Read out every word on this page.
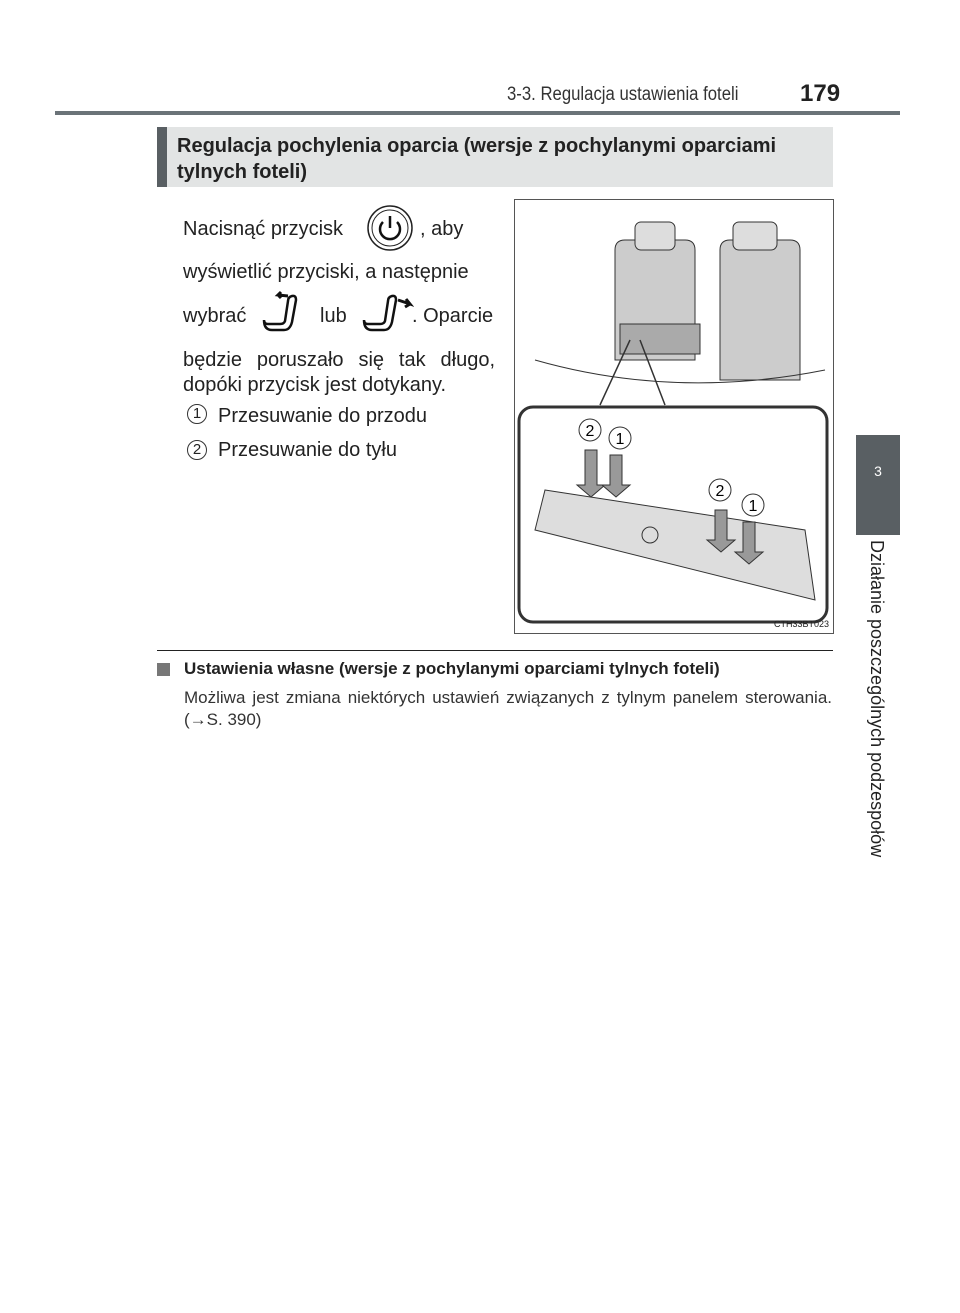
3-3. Regulacja ustawienia foteli	179
Regulacja pochylenia oparcia (wersje z pochylanymi oparciami tylnych foteli)
Nacisnąć przycisk	, aby
wyświetlić przyciski, a następnie
wybrać	lub	. Oparcie
będzie poruszało się tak długo,
dopóki przycisk jest dotykany.
1 Przesuwanie do przodu
2 Przesuwanie do tyłu
2 1
2
1
CTH33BT023
Ustawienia własne (wersje z pochylanymi oparciami tylnych foteli)
Możliwa jest zmiana niektórych ustawień związanych z tylnym panelem sterowania. (→S. 390)
3
Działanie poszczególnych podzespołów
